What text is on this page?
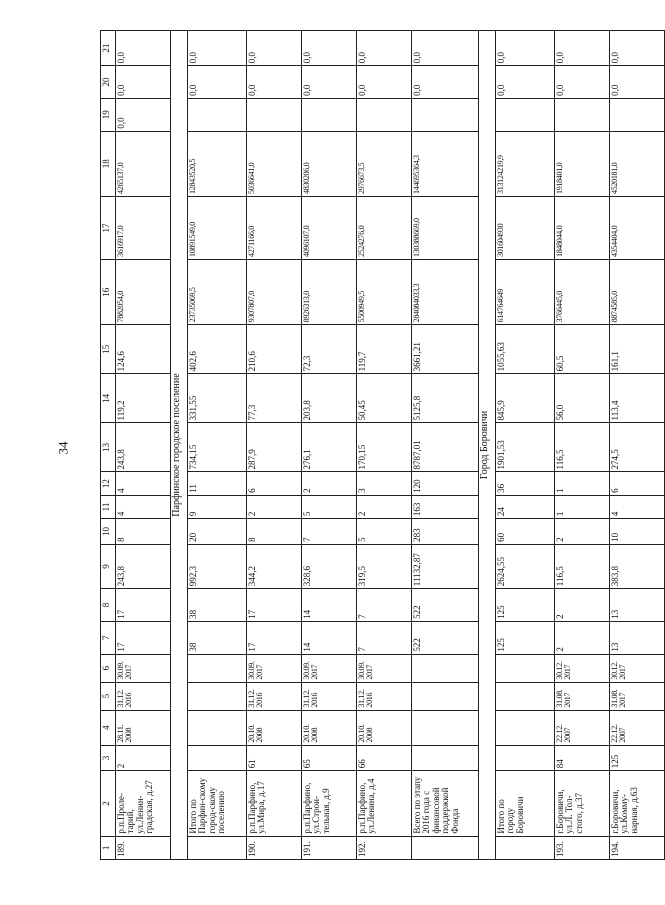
34
1	2	3	4	5	6	7	8	9	10	11	12	13	14	15	16	17	18	19	20	21
189.	р.п.Проле-тарий, ул.Ленин-градская, д.27	2	28.11. 2008	31.12. 2016	30.09. 2017	17	17	243,8	8	4	4	243,8	119,2	124,6	7882054,0	3616917,0	4265137,0	0,0	0,0	0,0
Парфинское городское поселение																				
	Итого по Парфин-скому город-скому поселению					38	38	992,3	20	9	11	734,15	331,55	402,6	23735069,5	10891549,0	12843520,5		0,0	0,0
190.	р.п.Парфино, ул.Мира, д.17	61	20.10. 2008	31.12. 2016	30.09. 2017	17	17	344,2	8	2	6	287,9	77,3	210,6	9307807,0	4271166,0	5036641,0		0,0	0,0
191.	р.п.Парфино, ул.Строи-тельная, д.9	65	20.10. 2008	31.12. 2016	30.09. 2017	14	14	328,6	7	5	2	276,1	203,8	72,3	8926313,0	4096107,0	4830206,0		0,0	0,0
192.	р.п.Парфино, ул.Ленина, д.4	66	20.10. 2008	31.12. 2016	30.09. 2017	7	7	319,5	5	2	3	170,15	50,45	119,7	5500949,5	2524276,0	2976673,5		0,0	0,0
	Всего по этапу 2016 года с финансовой поддержкой Фонда					522	522	11132,87	283	163	120	8787,01	5125,8	3661,21	284084033,3	130388669,0	144695364,3		0,0	0,0
Город Боровичи																				
	Итого по городу Боровичи					125	125	2624,55	60	24	36	1901,53	845,9	1055,63	614764649	301604930	313124219,9		0,0	0,0
193.	г.Боровичи, ул.Л. Тол-стого, д.37	84	22.12. 2007	31.08. 2017	30.12. 2017	2	2	116,5	2	1	1	116,5	56,0	60,5	3766445,0	1848044,0	1918401,0		0,0	0,0
194.	г.Боровичи, ул.Комму-нарная, д.63	125	22.12. 2007	31.08. 2017	30.12. 2017	13	13	383,8	10	4	6	274,5	113,4	161,1	8874585,0	4354404,0	4520181,0		0,0	0,0
